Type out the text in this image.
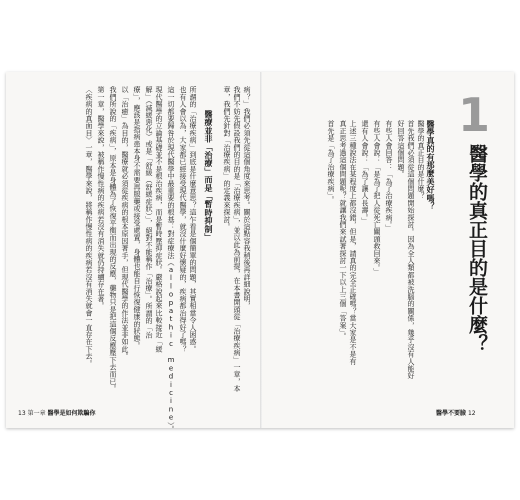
1
醫學的真正目的是什麼？
醫學真的有那麼美好嗎？
醫學的真正目的是什麼？
首先我們必須從這個問題開始探討。因為全人類都被洗腦的關係，幾乎沒有人能好
好回答這個問題。
有些人會回答：「為了治療疾病。」
有些人會說：「是為了把人從死亡關頭救回來。」
還有人會說：「為了讓人長壽。」
上述三種說法在某程度上都沒錯，但是，請真的完全正確嗎？當大家是不是有
真正思考過這個問題呢？就讓我們來試著探討一下以上三個「答案」。
首先是「為了治療疾病」。
醫學不要臉 12
病？」我們必須先從這個角度來思考。關於這點容我稍後再詳細說明，
我們不妨先假設我們的目的是「治療疾病」，並以此為前提，在本書開頭從「治療疾病」一章，本
章，我們先針對「治療疾病」的定義來探討。
醫療並非「治療」而是「暫時抑制」
所謂的「治療疾病」到底是什麼意思？這乍看是個簡單的問題，其實相當令人困惑。
也有人會以為，大家都已經接受現代醫學，就沒什麼好懷疑的，疾病都治得好了嗎？
這一切都要歸咎於現代醫學中最重要的根基：對症療法（allopathic medicine）。
現代醫學的立論基礎並不是根治疾病，而是暫時壓抑症狀。嚴格說起來比較接近「緩
解」（減緩惡化）或是「舒緩（舒緩症狀）」，絕對不能稱作「治療」。所謂的「治
療」，應該是指病患本身不需要再服藥或接受處置，身體也能自行恢復健康的狀態。
以「治癒」為目的，醫療就必須從疾病的根本原因著手，但現代醫學的作法並非如此。
我們所說的「疾病」，原本是身體為了恢復平衡而出現的反應，藥物只是把這個反應壓下去而已。
第一章，醫學來說，被稱作慢性病的疾病若沒有消失就仍持續存在著。
〈疾病的真面目〉一章，醫學來說，將稱作慢性病的疾病若沒有消失就會一直存在下去。
13 第一章 醫學是如何欺騙你
